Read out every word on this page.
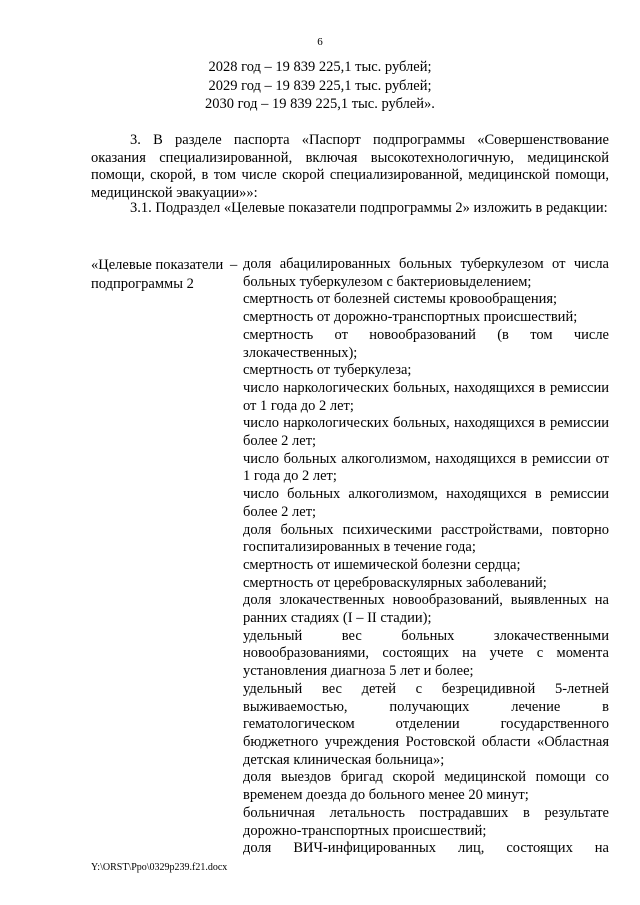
6
2028 год – 19 839 225,1 тыс. рублей;
2029 год – 19 839 225,1 тыс. рублей;
2030 год – 19 839 225,1 тыс. рублей».
3. В разделе паспорта «Паспорт подпрограммы «Совершенствование оказания специализированной, включая высокотехнологичную, медицинской помощи, скорой, в том числе скорой специализированной, медицинской помощи, медицинской эвакуации»»:
3.1. Подраздел «Целевые показатели подпрограммы 2» изложить в редакции:
«Целевые показатели подпрограммы 2
– доля абацилированных больных туберкулезом от числа больных туберкулезом с бактериовыделением;
смертность от болезней системы кровообращения;
смертность от дорожно-транспортных происшествий;
смертность от новообразований (в том числе злокачественных);
смертность от туберкулеза;
число наркологических больных, находящихся в ремиссии от 1 года до 2 лет;
число наркологических больных, находящихся в ремиссии более 2 лет;
число больных алкоголизмом, находящихся в ремиссии от 1 года до 2 лет;
число больных алкоголизмом, находящихся в ремиссии более 2 лет;
доля больных психическими расстройствами, повторно госпитализированных в течение года;
смертность от ишемической болезни сердца;
смертность от цереброваскулярных заболеваний;
доля злокачественных новообразований, выявленных на ранних стадиях (I – II стадии);
удельный вес больных злокачественными новообразованиями, состоящих на учете с момента установления диагноза 5 лет и более;
удельный вес детей с безрецидивной 5-летней выживаемостью, получающих лечение в гематологическом отделении государственного бюджетного учреждения Ростовской области «Областная детская клиническая больница»;
доля выездов бригад скорой медицинской помощи со временем доезда до больного менее 20 минут;
больничная летальность пострадавших в результате дорожно-транспортных происшествий;
доля ВИЧ-инфицированных лиц, состоящих на
Y:\ORST\Ppo\0329p239.f21.docx
